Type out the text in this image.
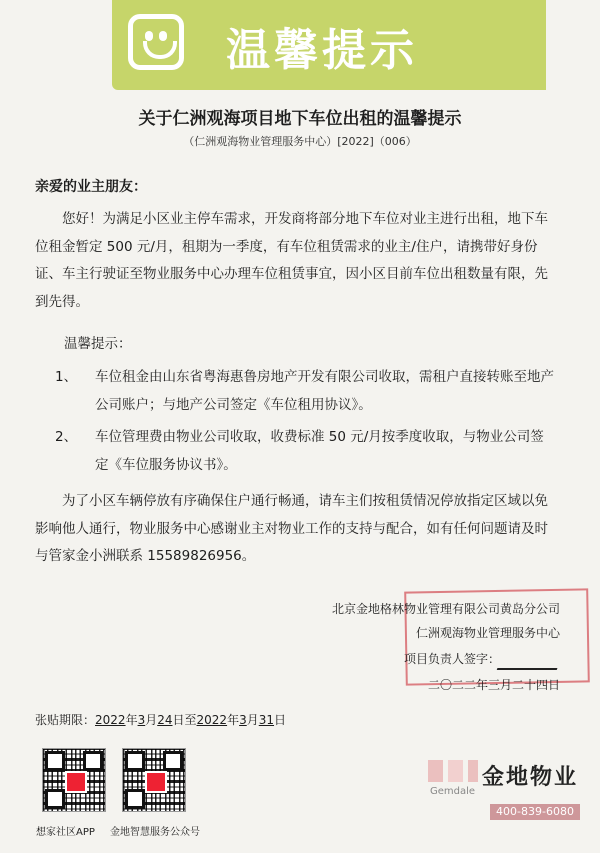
温馨提示
关于仁洲观海项目地下车位出租的温馨提示
（仁洲观海物业管理服务中心）[2022]（006）
亲爱的业主朋友：
您好！为满足小区业主停车需求，开发商将部分地下车位对业主进行出租，地下车位租金暂定 500 元/月，租期为一季度，有车位租赁需求的业主/住户，请携带好身份证、车主行驶证至物业服务中心办理车位租赁事宜，因小区目前车位出租数量有限，先到先得。
温馨提示：
1、	车位租金由山东省粤海惠鲁房地产开发有限公司收取，需租户直接转账至地产公司账户；与地产公司签定《车位租用协议》。
2、	车位管理费由物业公司收取，收费标准 50 元/月按季度收取，与物业公司签定《车位服务协议书》。
为了小区车辆停放有序确保住户通行畅通，请车主们按租赁情况停放指定区域以免影响他人通行，物业服务中心感谢业主对物业工作的支持与配合，如有任何问题请及时与管家金小洲联系 15589826956。
北京金地格林物业管理有限公司黄岛分公司
仁洲观海物业管理服务中心
项目负责人签字：
二〇二二年三月二十四日
张贴期限：2022年3月24日至2022年3月31日
想家社区APP 金地智慧服务公众号
Gemdale
金地物业
400-839-6080
